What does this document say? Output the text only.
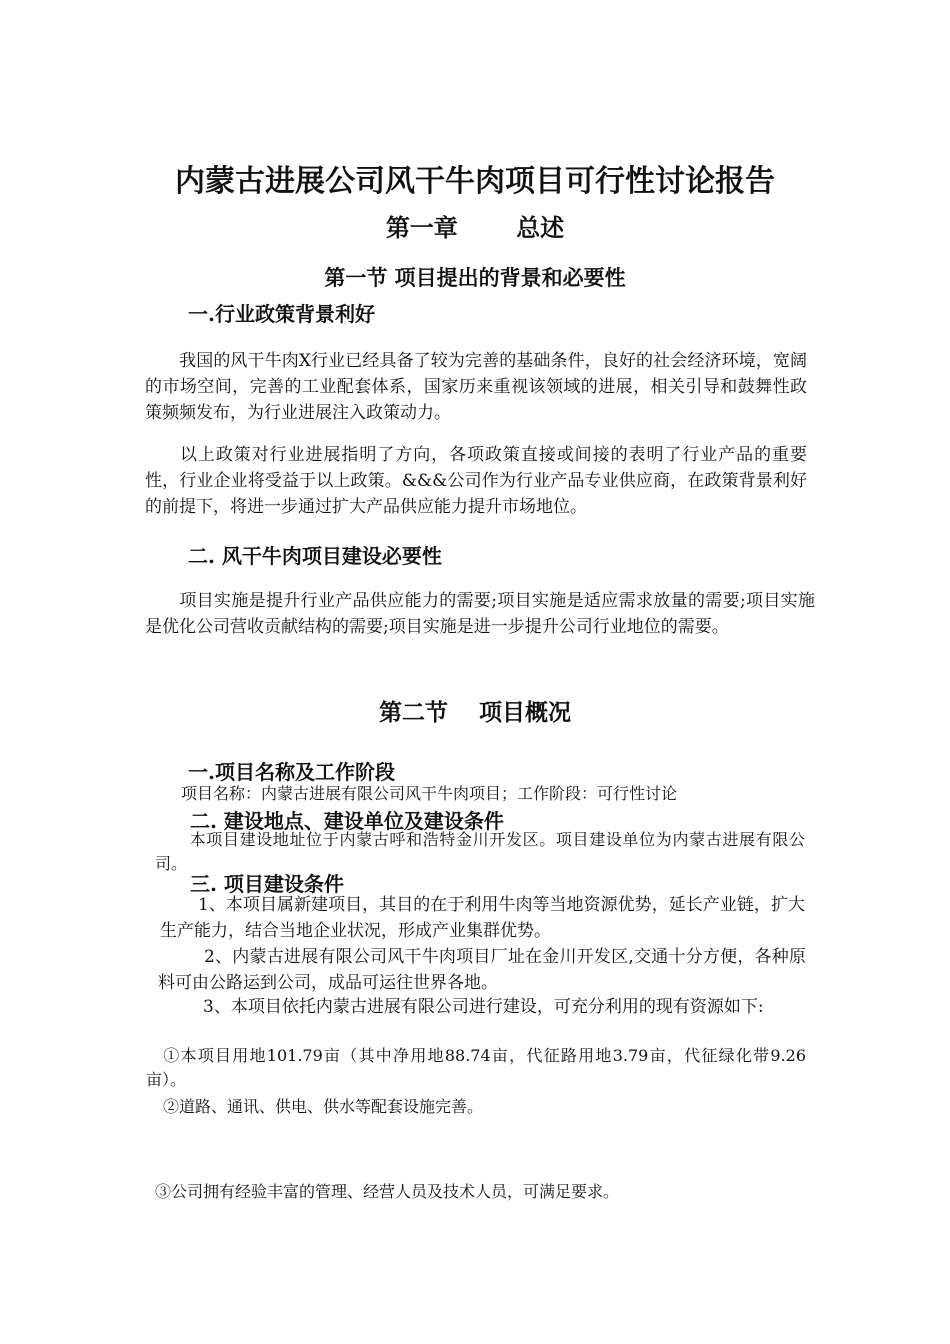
内蒙古进展公司风干牛肉项目可行性讨论报告
第一章　 总述
第一节 项目提出的背景和必要性
一.行业政策背景利好

我国的风干牛肉X行业已经具备了较为完善的基础条件，良好的社会经济环境，宽阔的市场空间，完善的工业配套体系，国家历来重视该领域的进展，相关引导和鼓舞性政策频频发布，为行业进展注入政策动力。

以上政策对行业进展指明了方向，各项政策直接或间接的表明了行业产品的重要性，行业企业将受益于以上政策。&&&公司作为行业产品专业供应商，在政策背景利好的前提下，将进一步通过扩大产品供应能力提升市场地位。

二. 风干牛肉项目建设必要性

项目实施是提升行业产品供应能力的需要;项目实施是适应需求放量的需要;项目实施是优化公司营收贡献结构的需要;项目实施是进一步提升公司行业地位的需要。

第二节　 项目概况
一.项目名称及工作阶段

项目名称：内蒙古进展有限公司风干牛肉项目；工作阶段：可行性讨论

二. 建设地点、建设单位及建设条件

本项目建设地址位于内蒙古呼和浩特金川开发区。项目建设单位为内蒙古进展有限公司。

三. 项目建设条件

1、本项目属新建项目，其目的在于利用牛肉等当地资源优势，延长产业链，扩大生产能力，结合当地企业状况，形成产业集群优势。

2、内蒙古进展有限公司风干牛肉项目厂址在金川开发区,交通十分方便，各种原料可由公路运到公司，成品可运往世界各地。

3、本项目依托内蒙古进展有限公司进行建设，可充分利用的现有资源如下:

①本项目用地101.79亩（其中净用地88.74亩，代征路用地3.79亩，代征绿化带9.26亩）。

②道路、通讯、供电、供水等配套设施完善。

③公司拥有经验丰富的管理、经营人员及技术人员，可满足要求。
